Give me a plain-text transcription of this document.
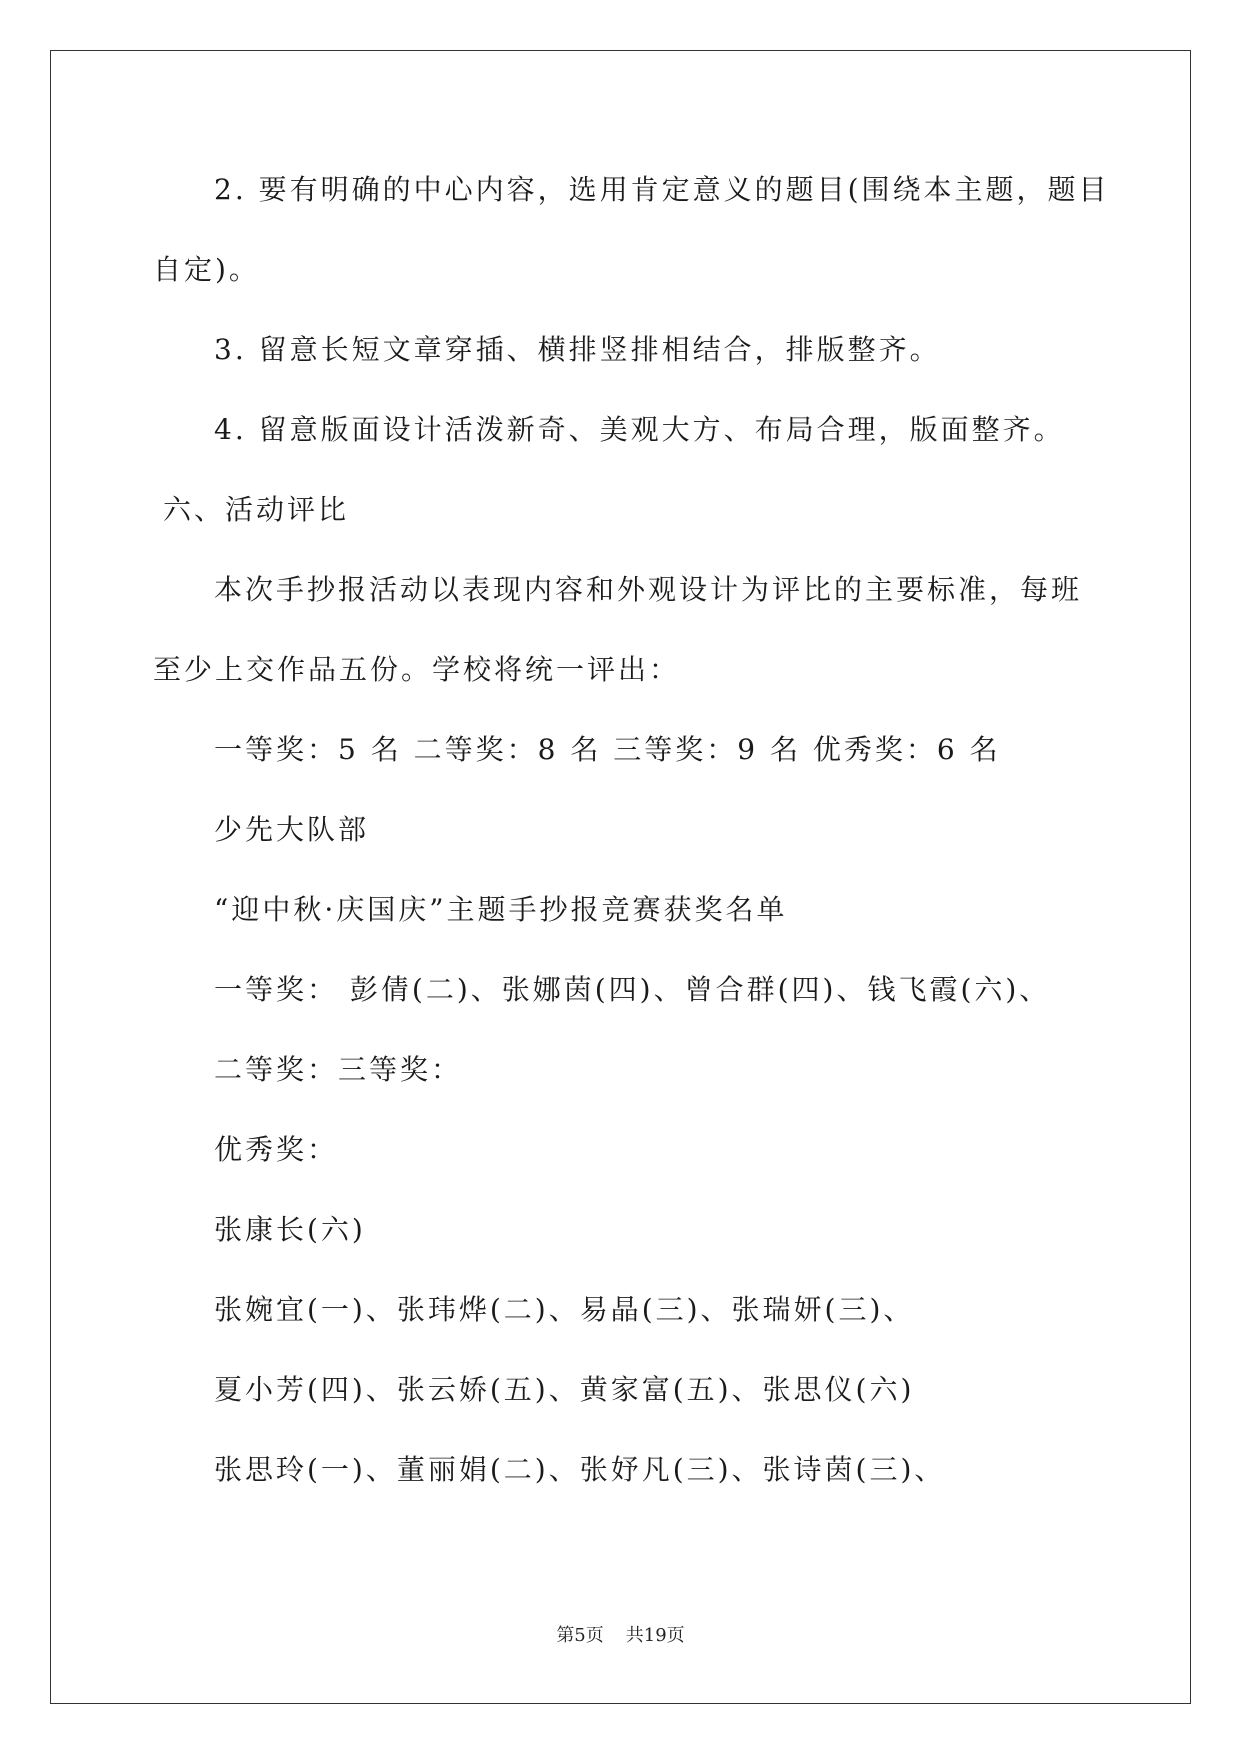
2. 要有明确的中心内容，选用肯定意义的题目(围绕本主题，题目
自定)。
3. 留意长短文章穿插、横排竖排相结合，排版整齐。
4. 留意版面设计活泼新奇、美观大方、布局合理，版面整齐。
六、活动评比
本次手抄报活动以表现内容和外观设计为评比的主要标准，每班
至少上交作品五份。学校将统一评出：
一等奖：5 名 二等奖：8 名 三等奖：9 名 优秀奖：6 名
少先大队部
“迎中秋·庆国庆”主题手抄报竞赛获奖名单
一等奖： 彭倩(二)、张娜茵(四)、曾合群(四)、钱飞霞(六)、
二等奖：三等奖：
优秀奖：
张康长(六)
张婉宜(一)、张玮烨(二)、易晶(三)、张瑞妍(三)、
夏小芳(四)、张云娇(五)、黄家富(五)、张思仪(六)
张思玲(一)、董丽娟(二)、张妤凡(三)、张诗茵(三)、
第5页 共19页
